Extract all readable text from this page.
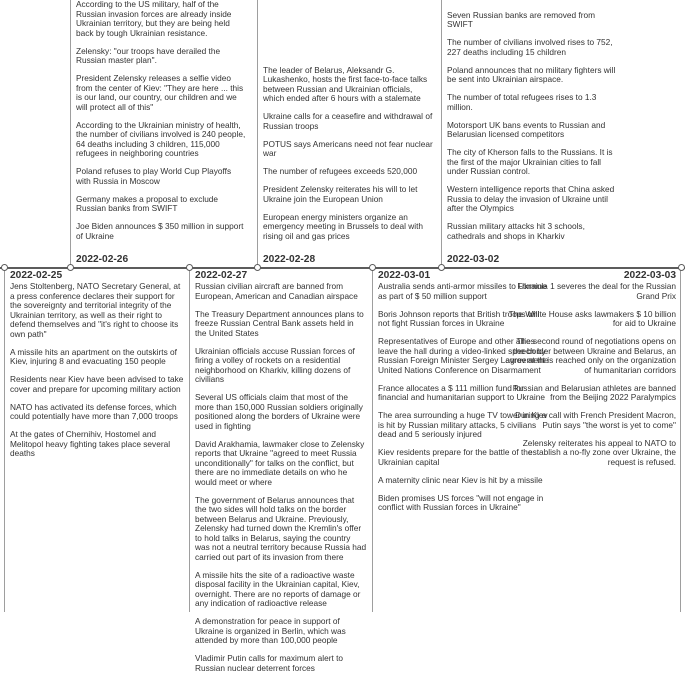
2022-02-25

Jens Stoltenberg, NATO Secretary General, at a press conference declares their support for the sovereignty and territorial integrity of the Ukrainian territory, as well as their right to defend themselves and "it's right to choose its own path"

A missile hits an apartment on the outskirts of Kiev, injuring 8 and evacuating 150 people

Residents near Kiev have been advised to take cover and prepare for upcoming military action

NATO has activated its defense forces, which could potentially have more than 7,000 troops

At the gates of Chernihiv, Hostomel and Melitopol heavy fighting takes place several deaths

According to the US military, half of the Russian invasion forces are already inside Ukrainian territory, but they are being held back by tough Ukrainian resistance.

Zelensky: "our troops have derailed the Russian master plan".

President Zelensky releases a selfie video from the center of Kiev: "They are here ... this is our land, our country, our children and we will protect all of this"

According to the Ukrainian ministry of health, the number of civilians involved is 240 people, 64 deaths including 3 children, 115,000 refugees in neighboring countries

Poland refuses to play World Cup Playoffs with Russia in Moscow

Germany makes a proposal to exclude Russian banks from SWIFT

Joe Biden announces $ 350 million in support of Ukraine

2022-02-26
2022-02-27

Russian civilian aircraft are banned from European, American and Canadian airspace

The Treasury Department announces plans to freeze Russian Central Bank assets held in the United States

Ukrainian officials accuse Russian forces of firing a volley of rockets on a residential neighborhood on Kharkiv, killing dozens of civilians

Several US officials claim that most of the more than 150,000 Russian soldiers originally positioned along the borders of Ukraine were used in fighting

David Arakhamia, lawmaker close to Zelensky reports that Ukraine "agreed to meet Russia unconditionally" for talks on the conflict, but there are no immediate details on who he would meet or where

The government of Belarus announces that the two sides will hold talks on the border between Belarus and Ukraine. Previously, Zelensky had turned down the Kremlin's offer to hold talks in Belarus, saying the country was not a neutral territory because Russia had carried out part of its invasion from there

A missile hits the site of a radioactive waste disposal facility in the Ukrainian capital, Kiev, overnight. There are no reports of damage or any indication of radioactive release

A demonstration for peace in support of Ukraine is organized in Berlin, which was attended by more than 100,000 people

Vladimir Putin calls for maximum alert to Russian nuclear deterrent forces

The leader of Belarus, Aleksandr G. Lukashenko, hosts the first face-to-face talks between Russian and Ukrainian officials, which ended after 6 hours with a stalemate

Ukraine calls for a ceasefire and withdrawal of Russian troops

POTUS says Americans need not fear nuclear war

The number of refugees exceeds 520,000

President Zelensky reiterates his will to let Ukraine join the European Union

European energy ministers organize an emergency meeting in Brussels to deal with rising oil and gas prices

2022-02-28
2022-03-01

Australia sends anti-armor missiles to Ukraine as part of $ 50 million support

Boris Johnson reports that British troops will not fight Russian forces in Ukraine

Representatives of Europe and other allies leave the hall during a video-linked speech by Russian Foreign Minister Sergey Lavrov at the United Nations Conference on Disarmament

France allocates a $ 111 million fund for financial and humanitarian support to Ukraine

The area surrounding a huge TV tower in Kiev is hit by Russian military attacks, 5 civilians dead and 5 seriously injured

Kiev residents prepare for the battle of the Ukrainian capital

A maternity clinic near Kiev is hit by a missile

Biden promises US forces "will not engage in conflict with Russian forces in Ukraine"

Seven Russian banks are removed from SWIFT

The number of civilians involved rises to 752, 227 deaths including 15 children

Poland announces that no military fighters will be sent into Ukrainian airspace.

The number of total refugees rises to 1.3 million.

Motorsport UK bans events to Russian and Belarusian licensed competitors

The city of Kherson falls to the Russians. It is the first of the major Ukrainian cities to fall under Russian control.

Western intelligence reports that China asked Russia to delay the invasion of Ukraine until after the Olympics

Russian military attacks hit 3 schools, cathedrals and shops in Kharkiv

2022-03-02
2022-03-03

Formula 1 severes the deal for the Russian Grand Prix

The White House asks lawmakers $ 10 billion for aid to Ukraine

The second round of negotiations opens on the border between Ukraine and Belarus, an agreement is reached only on the organization of humanitarian corridors

Russian and Belarusian athletes are banned from the Beijing 2022 Paralympics

During a call with French President Macron, Putin says "the worst is yet to come"

Zelensky reiterates his appeal to NATO to establish a no-fly zone over Ukraine, the request is refused.
